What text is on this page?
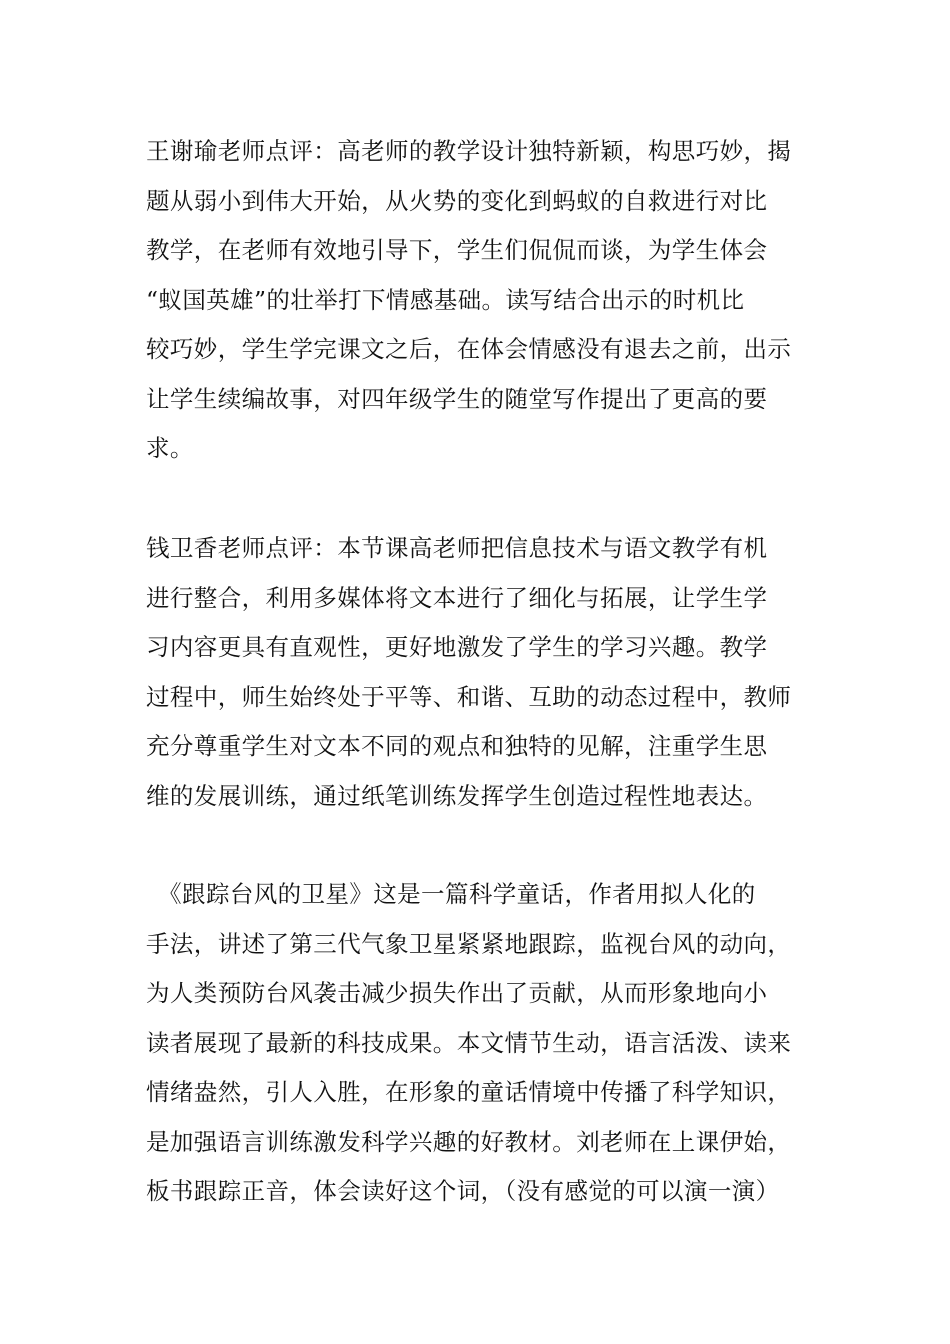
王谢瑜老师点评：高老师的教学设计独特新颖，构思巧妙，揭
题从弱小到伟大开始，从火势的变化到蚂蚁的自救进行对比
教学，在老师有效地引导下，学生们侃侃而谈，为学生体会
“蚁国英雄”的壮举打下情感基础。读写结合出示的时机比
较巧妙，学生学完课文之后，在体会情感没有退去之前，出示
让学生续编故事，对四年级学生的随堂写作提出了更高的要
求。
钱卫香老师点评：本节课高老师把信息技术与语文教学有机
进行整合，利用多媒体将文本进行了细化与拓展，让学生学
习内容更具有直观性，更好地激发了学生的学习兴趣。教学
过程中，师生始终处于平等、和谐、互助的动态过程中，教师
充分尊重学生对文本不同的观点和独特的见解，注重学生思
维的发展训练，通过纸笔训练发挥学生创造过程性地表达。
　《跟踪台风的卫星》这是一篇科学童话，作者用拟人化的
手法，讲述了第三代气象卫星紧紧地跟踪，监视台风的动向，
为人类预防台风袭击减少损失作出了贡献，从而形象地向小
读者展现了最新的科技成果。本文情节生动，语言活泼、读来
情绪盎然，引人入胜，在形象的童话情境中传播了科学知识，
是加强语言训练激发科学兴趣的好教材。刘老师在上课伊始，
板书跟踪正音，体会读好这个词，（没有感觉的可以演一演）
